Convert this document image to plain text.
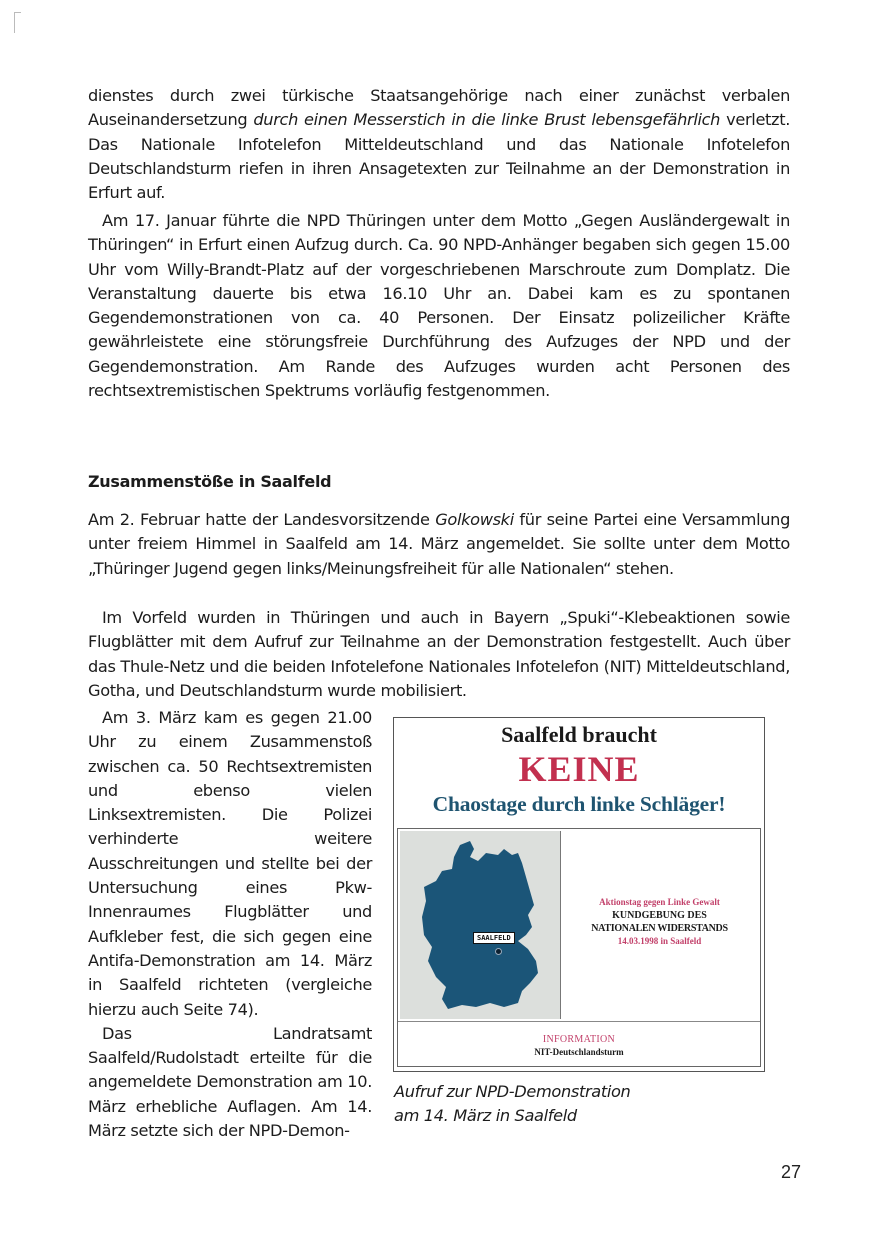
dienstes durch zwei türkische Staatsangehörige nach einer zunächst verbalen Auseinandersetzung durch einen Messerstich in die linke Brust lebensgefährlich verletzt. Das Nationale Infotelefon Mitteldeutschland und das Nationale Infotelefon Deutschlandsturm riefen in ihren Ansagetexten zur Teilnahme an der Demonstration in Erfurt auf.

Am 17. Januar führte die NPD Thüringen unter dem Motto „Gegen Ausländergewalt in Thüringen“ in Erfurt einen Aufzug durch. Ca. 90 NPD-Anhänger begaben sich gegen 15.00 Uhr vom Willy-Brandt-Platz auf der vorgeschriebenen Marschroute zum Domplatz. Die Veranstaltung dauerte bis etwa 16.10 Uhr an. Dabei kam es zu spontanen Gegendemonstrationen von ca. 40 Personen. Der Einsatz polizeilicher Kräfte gewährleistete eine störungsfreie Durchführung des Aufzuges der NPD und der Gegendemonstration. Am Rande des Aufzuges wurden acht Personen des rechtsextremistischen Spektrums vorläufig festgenommen.

Zusammenstöße in Saalfeld

Am 2. Februar hatte der Landesvorsitzende Golkowski für seine Partei eine Versammlung unter freiem Himmel in Saalfeld am 14. März angemeldet. Sie sollte unter dem Motto „Thüringer Jugend gegen links/Meinungsfreiheit für alle Nationalen“ stehen.

Im Vorfeld wurden in Thüringen und auch in Bayern „Spuki“-Klebeaktionen sowie Flugblätter mit dem Aufruf zur Teilnahme an der Demonstration festgestellt. Auch über das Thule-Netz und die beiden Infotelefone Nationales Infotelefon (NIT) Mitteldeutschland, Gotha, und Deutschlandsturm wurde mobilisiert.

Am 3. März kam es gegen 21.00 Uhr zu einem Zusammenstoß zwischen ca. 50 Rechtsextremisten und ebenso vielen Linksextremisten. Die Polizei verhinderte weitere Ausschreitungen und stellte bei der Untersuchung eines Pkw-Innenraumes Flugblätter und Aufkleber fest, die sich gegen eine Antifa-Demonstration am 14. März in Saalfeld richteten (vergleiche hierzu auch Seite 74).

Das Landratsamt Saalfeld/Rudolstadt erteilte für die angemeldete Demonstration am 10. März erhebliche Auflagen. Am 14. März setzte sich der NPD-Demon-

Saalfeld braucht
KEINE
Chaostage durch linke Schläger!
SAALFELD
Aktionstag gegen Linke Gewalt
KUNDGEBUNG DES
NATIONALEN WIDERSTANDS
14.03.1998 in Saalfeld
INFORMATION
NIT-Deutschlandsturm
Aufruf zur NPD-Demonstration
am 14. März in Saalfeld
27
